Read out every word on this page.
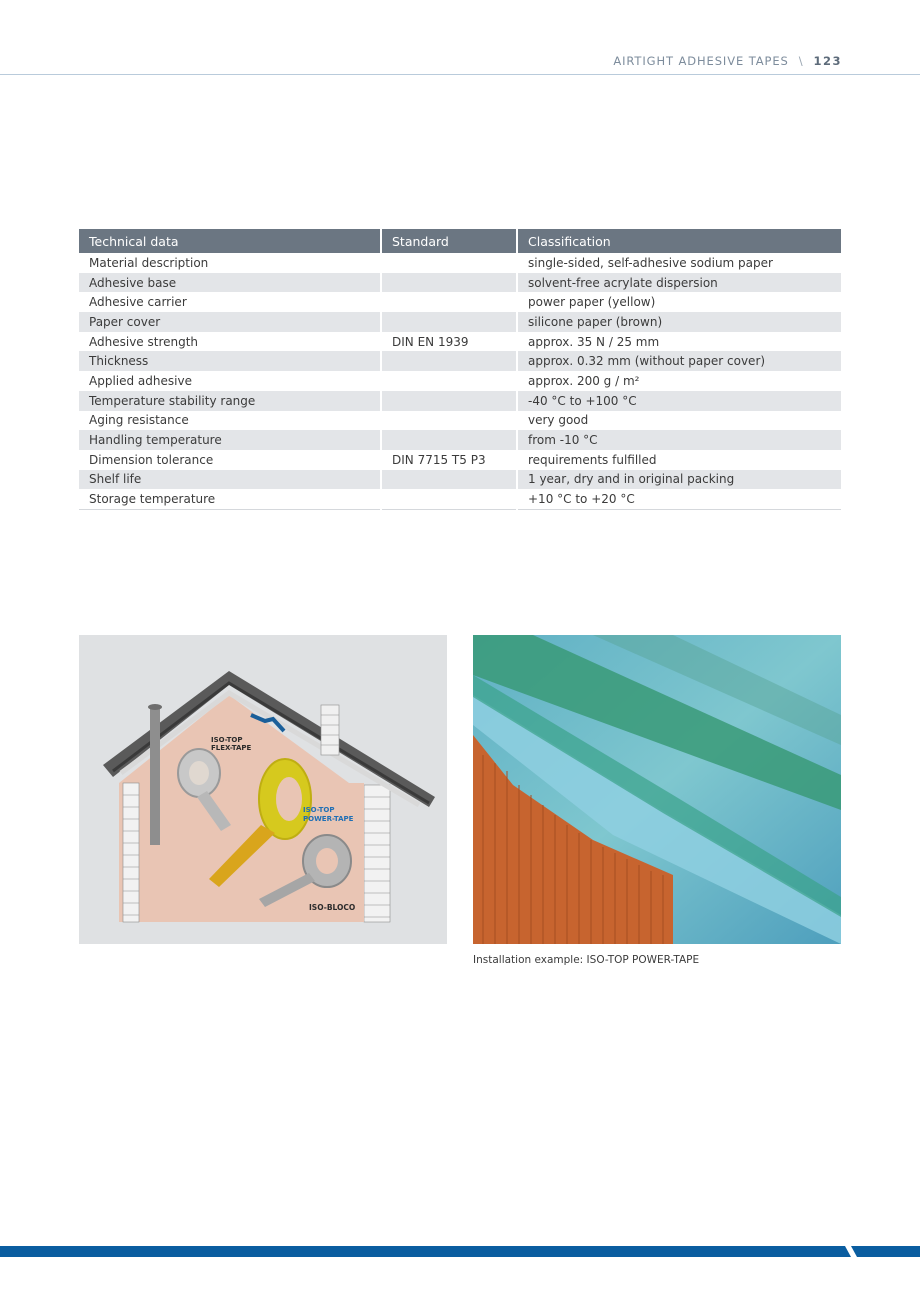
AIRTIGHT ADHESIVE TAPES \ 123
Technical data	Standard	Classification
Material description		single-sided, self-adhesive sodium paper
Adhesive base		solvent-free acrylate dispersion
Adhesive carrier		power paper (yellow)
Paper cover		silicone paper (brown)
Adhesive strength	DIN EN 1939	approx. 35 N / 25 mm
Thickness		approx. 0.32 mm (without paper cover)
Applied adhesive		approx. 200 g / m²
Temperature stability range		-40 °C to +100 °C
Aging resistance		very good
Handling temperature		from -10 °C
Dimension tolerance	DIN 7715 T5 P3	requirements fulfilled
Shelf life		1 year, dry and in original packing
Storage temperature		+10 °C to +20 °C
ISO-TOP
FLEX-TAPE
ISO-TOP
POWER-TAPE
ISO-BLOCO
Installation example: ISO-TOP POWER-TAPE
